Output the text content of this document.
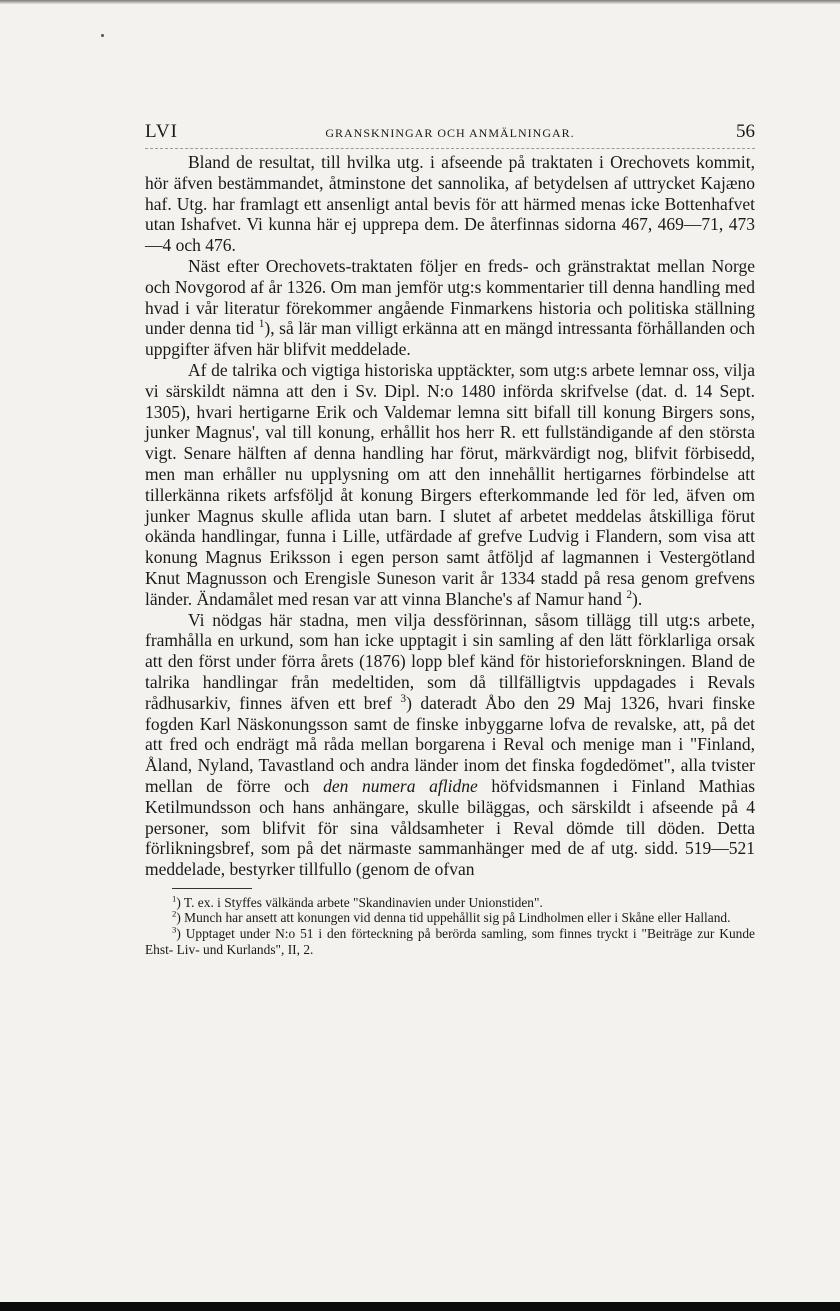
LVI	GRANSKNINGAR OCH ANMÄLNINGAR.	56

Bland de resultat, till hvilka utg. i afseende på traktaten i Orechovets kommit, hör äfven bestämmandet, åtminstone det sannolika, af betydelsen af uttrycket Kajæno haf. Utg. har framlagt ett ansenligt antal bevis för att härmed menas icke Bottenhafvet utan Ishafvet. Vi kunna här ej upprepa dem. De återfinnas sidorna 467, 469—71, 473—4 och 476.

Näst efter Orechovets-traktaten följer en freds- och gränstraktat mellan Norge och Novgorod af år 1326. Om man jemför utg:s kommentarier till denna handling med hvad i vår literatur förekommer angående Finmarkens historia och politiska ställning under denna tid $^1$), så lär man villigt erkänna att en mängd intressanta förhållanden och uppgifter äfven här blifvit meddelade.

Af de talrika och vigtiga historiska upptäckter, som utg:s arbete lemnar oss, vilja vi särskildt nämna att den i Sv. Dipl. N:o 1480 införda skrifvelse (dat. d. 14 Sept. 1305), hvari hertigarne Erik och Valdemar lemna sitt bifall till konung Birgers sons, junker Magnus', val till konung, erhållit hos herr R. ett fullständigande af den största vigt. Senare hälften af denna handling har förut, märkvärdigt nog, blifvit förbisedd, men man erhåller nu upplysning om att den innehållit hertigarnes förbindelse att tillerkänna rikets arfsföljd åt konung Birgers efterkommande led för led, äfven om junker Magnus skulle aflida utan barn. I slutet af arbetet meddelas åtskilliga förut okända handlingar, funna i Lille, utfärdade af grefve Ludvig i Flandern, som visa att konung Magnus Eriksson i egen person samt åtföljd af lagmannen i Vestergötland Knut Magnusson och Erengisle Suneson varit år 1334 stadd på resa genom grefvens länder. Ändamålet med resan var att vinna Blanche's af Namur hand $^2$).

Vi nödgas här stadna, men vilja dessförinnan, såsom tillägg till utg:s arbete, framhålla en urkund, som han icke upptagit i sin samling af den lätt förklarliga orsak att den först under förra årets (1876) lopp blef känd för historieforskningen. Bland de talrika handlingar från medeltiden, som då tillfälligtvis uppdagades i Revals rådhusarkiv, finnes äfven ett bref $^3$) dateradt Åbo den 29 Maj 1326, hvari finske fogden Karl Näskonungsson samt de finske inbyggarne lofva de revalske, att, på det att fred och endrägt må råda mellan borgarena i Reval och menige man i "Finland, Åland, Nyland, Tavastland och andra länder inom det finska fogdedömet", alla tvister mellan de förre och den numera aflidne höfvidsmannen i Finland Mathias Ketilmundsson och hans anhängare, skulle biläggas, och särskildt i afseende på 4 personer, som blifvit för sina våldsamheter i Reval dömde till döden. Detta förlikningsbref, som på det närmaste sammanhänger med de af utg. sidd. 519—521 meddelade, bestyrker tillfullo (genom de ofvan

$^1$) T. ex. i Styffes välkända arbete "Skandinavien under Unionstiden".

$^2$) Munch har ansett att konungen vid denna tid uppehållit sig på Lindholmen eller i Skåne eller Halland.

$^3$) Upptaget under N:o 51 i den förteckning på berörda samling, som finnes tryckt i "Beiträge zur Kunde Ehst- Liv- und Kurlands", II, 2.
